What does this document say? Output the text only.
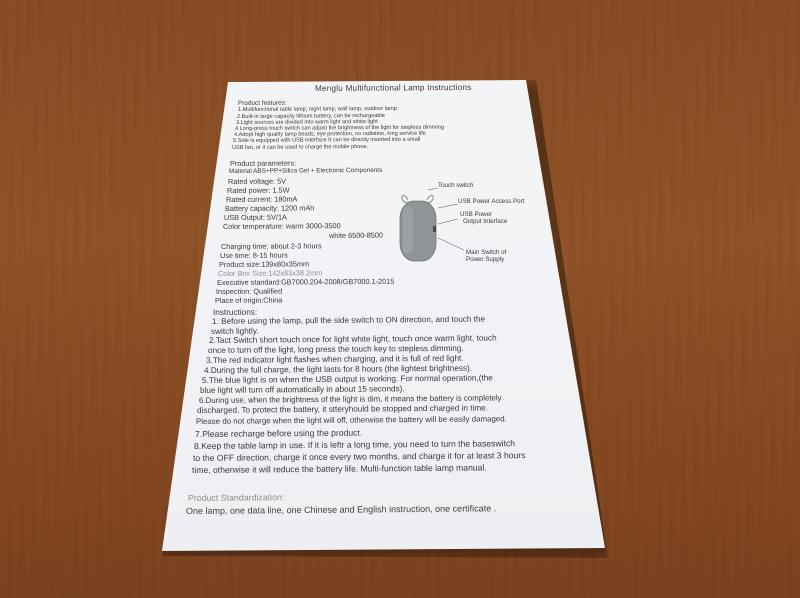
Menglu Multifunctional Lamp Instructions
Product features:
1.Multifunctional table lamp, night lamp, wall lamp, outdoor lamp
2.Built-in large capacity lithium battery, can be rechargeable
3.Light sources are divided into warm light and white light
4.Long-press touch switch can adjust the brightness of the light for stepless dimming
4.Adopt high quality lamp beads, eye protection, no radiation, long service life
5.Side is equipped with USB interface It can be directly inserted into a small
USB fan, or it can be used to charge the mobile phone.
Product parameters:
Material ABS+PP+Silica Gel + Electronic Components
Rated voltage: 5V
Rated power: 1.5W
Rated current: 180mA
Battery capacity: 1200 mAh
USB Output: 5V/1A
Color temperature: warm 3000-3500
white 6500-8500
Charging time: about 2-3 hours
Use time: 8-15 hours
Product size:139x80x35mm
Color Box Size:142x83x38.2mm
Executive standard:GB7000.204-2008/GB7000.1-2015
Inspection: Qualified
Place of origin:China
Touch switch
USB Power Access Port
USB Power
Output Interface
Main Switch of
Power Supply
Instructions:
1. Before using the lamp, pull the side switch to ON direction, and touch the
switch lightly.
2.Tact Switch short touch once for light white light, touch once warm light, touch
once to turn off the light, long press the touch key to stepless dimming.
3.The red indicator light flashes when charging, and it is full of red light.
4.During the full charge, the light lasts for 8 hours (the lightest brightness).
5.The blue light is on when the USB output is working. For normal operation,(the
blue light will turn off automatically in about 15 seconds).
6.During use, when the brightness of the light is dim, it means the battery is completely
discharged. To protect the battery, it stteryhould be stopped and charged in time.
Please do not charge when the light will off, otherwise the battery will be easily damaged.
7.Please recharge before using the product.
8.Keep the table lamp in use. If it is leftr a long time, you need to turn the baseswitch
to the OFF direction, charge it once every two months, and charge it for at least 3 hours
time, otherwise it will reduce the battery life. Multi-function table lamp manual.
Product Standardization:
One lamp, one data line, one Chinese and English instruction, one certificate .
